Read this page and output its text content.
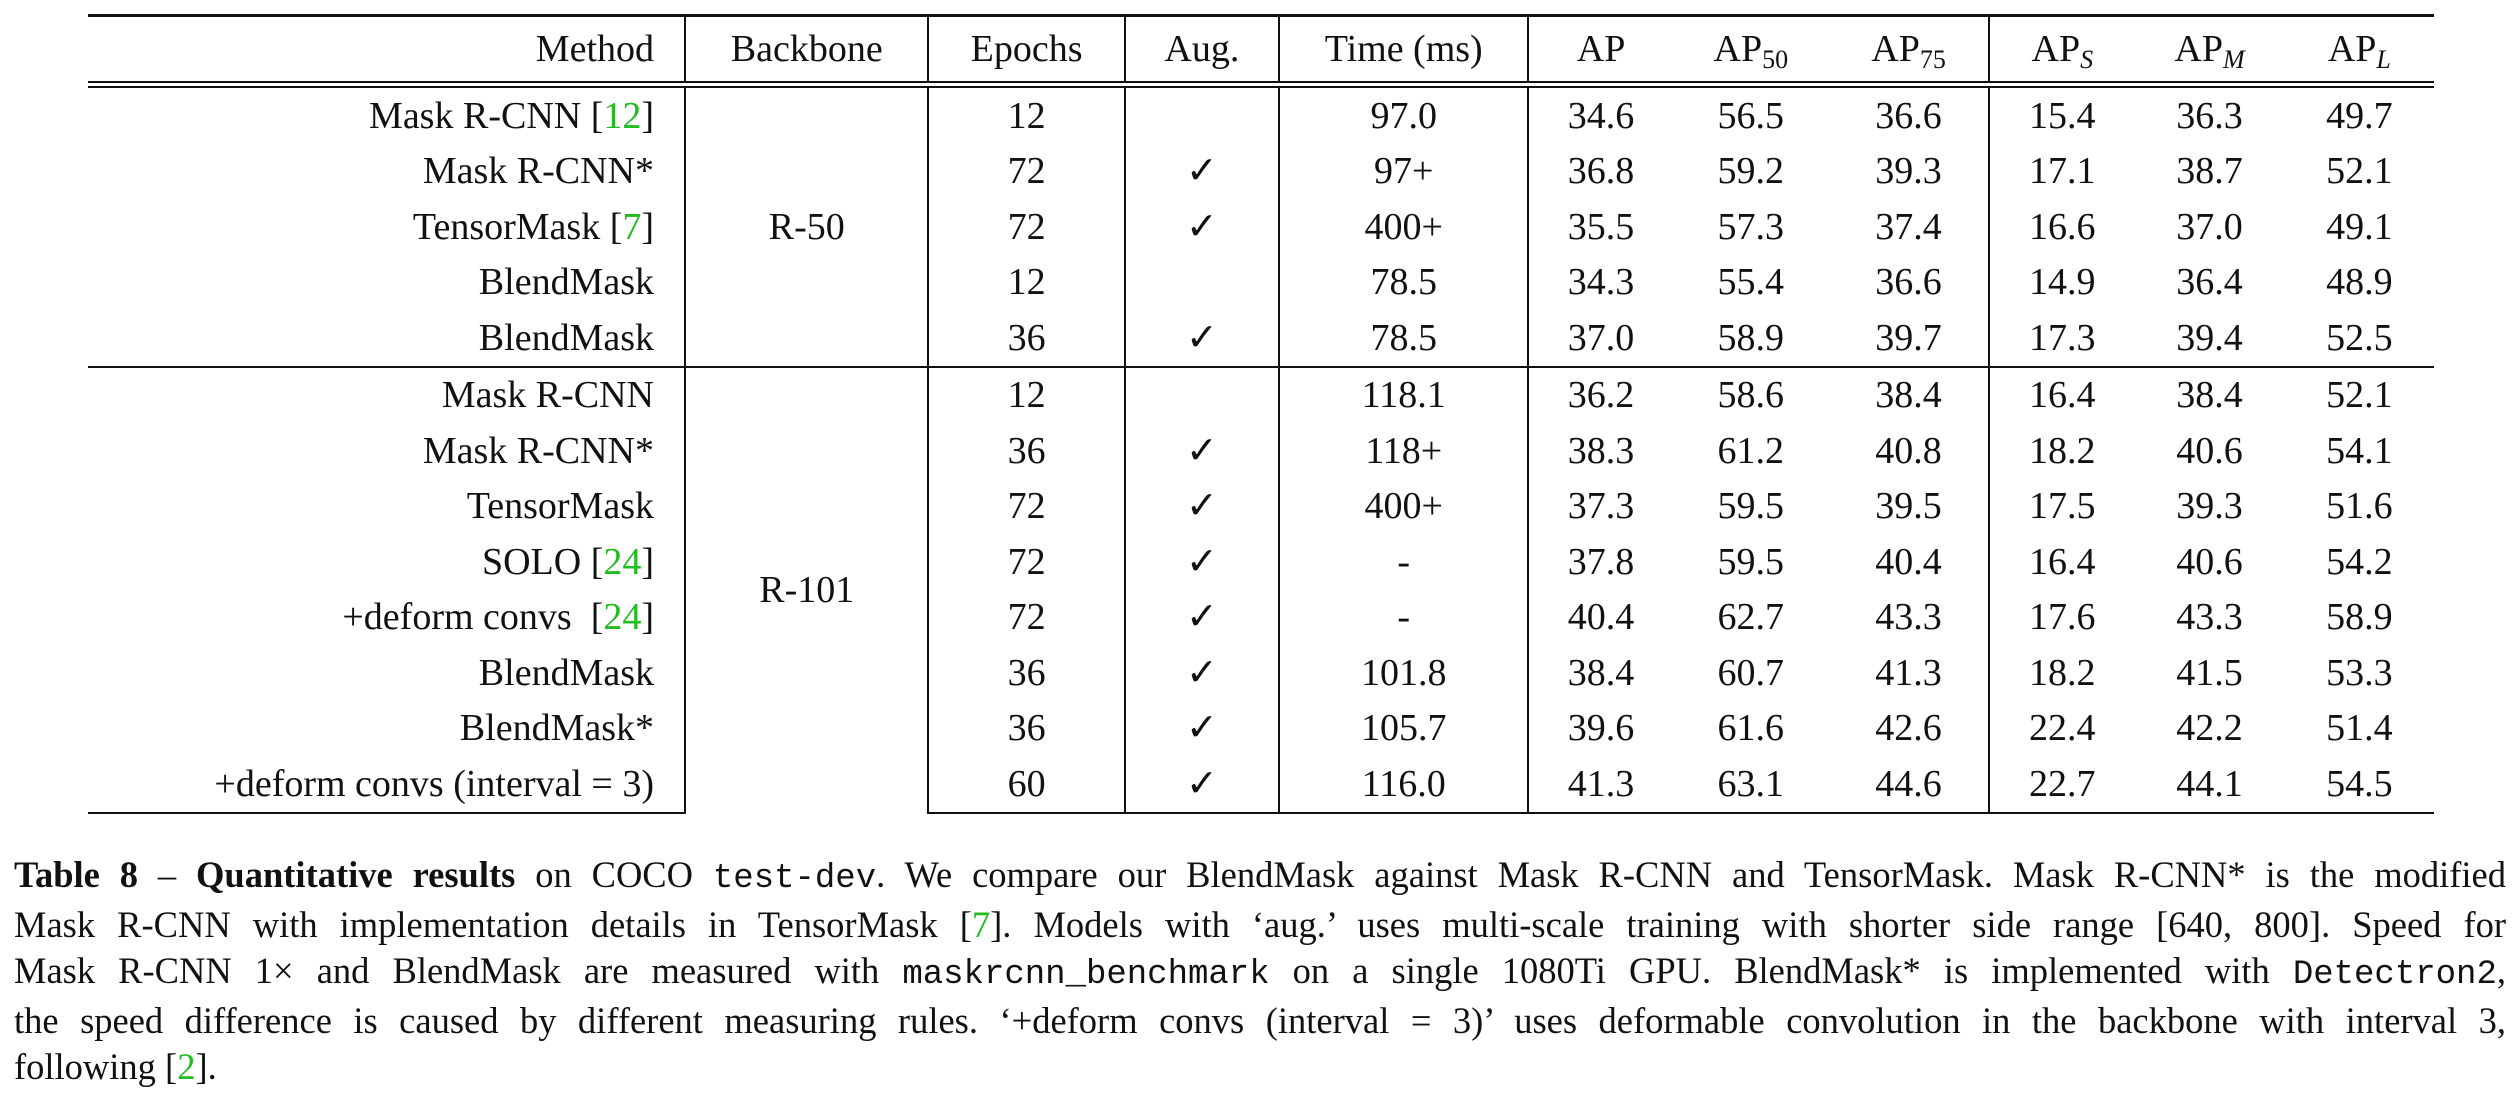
Method	Backbone	Epochs	Aug.	Time (ms)	AP	$AP_{50}$	$AP_{75}$	$AP_S$	$AP_M$	$AP_L$
Mask R-CNN [12]	R-50	12		97.0	34.6	56.5	36.6	15.4	36.3	49.7
Mask R-CNN*		72	✓	97+	36.8	59.2	39.3	17.1	38.7	52.1
TensorMask [7]		72	✓	400+	35.5	57.3	37.4	16.6	37.0	49.1
BlendMask		12		78.5	34.3	55.4	36.6	14.9	36.4	48.9
BlendMask		36	✓	78.5	37.0	58.9	39.7	17.3	39.4	52.5
Mask R-CNN	R-101	12		118.1	36.2	58.6	38.4	16.4	38.4	52.1
Mask R-CNN*		36	✓	118+	38.3	61.2	40.8	18.2	40.6	54.1
TensorMask		72	✓	400+	37.3	59.5	39.5	17.5	39.3	51.6
SOLO [24]		72	✓	-	37.8	59.5	40.4	16.4	40.6	54.2
+deform convs  [24]		72	✓	-	40.4	62.7	43.3	17.6	43.3	58.9
BlendMask		36	✓	101.8	38.4	60.7	41.3	18.2	41.5	53.3
BlendMask*		36	✓	105.7	39.6	61.6	42.6	22.4	42.2	51.4
+deform convs (interval = 3)		60	✓	116.0	41.3	63.1	44.6	22.7	44.1	54.5
Table 8 – Quantitative results on COCO test-dev. We compare our BlendMask against Mask R-CNN and TensorMask. Mask R-CNN* is the modified
Mask R-CNN with implementation details in TensorMask [7]. Models with ‘aug.’ uses multi-scale training with shorter side range [640, 800]. Speed for
Mask R-CNN 1× and BlendMask are measured with maskrcnn_benchmark on a single 1080Ti GPU. BlendMask* is implemented with Detectron2,
the speed difference is caused by different measuring rules. ‘+deform convs (interval = 3)’ uses deformable convolution in the backbone with interval 3,
following [2].
